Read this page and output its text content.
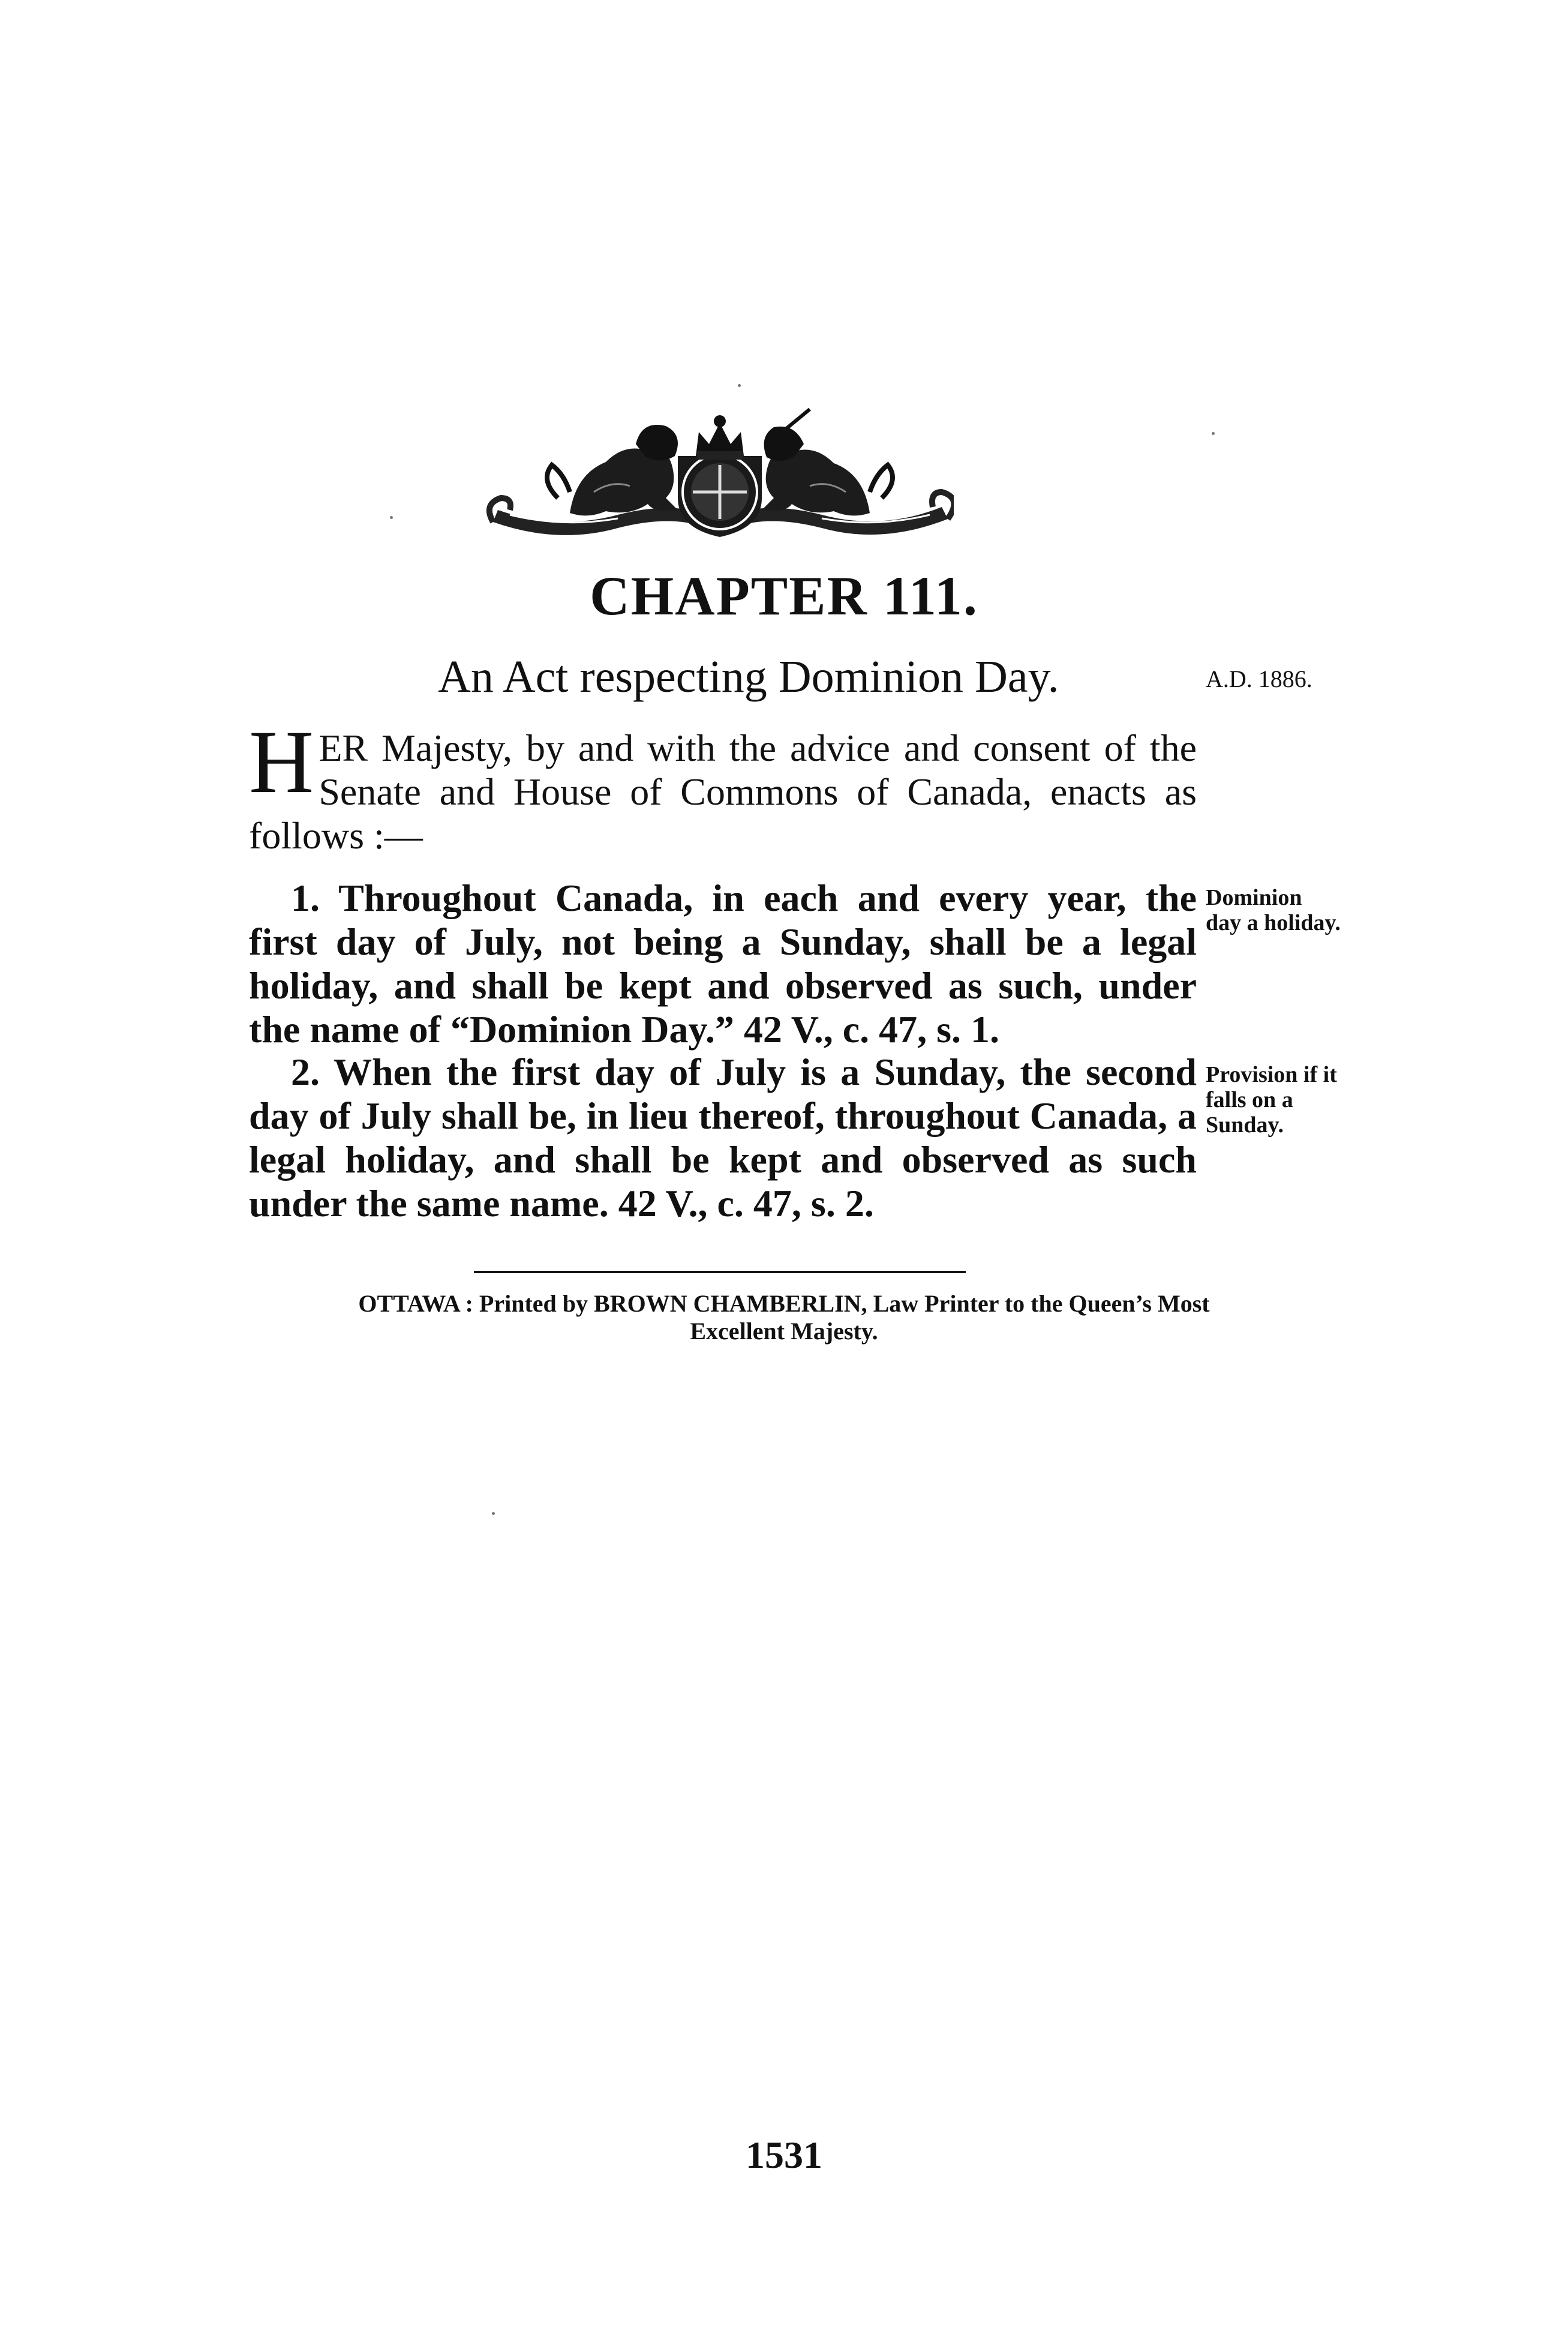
CHAPTER 111.
An Act respecting Dominion Day.	A.D. 1886.
HER Majesty, by and with the advice and consent of the Senate and House of Commons of Canada, enacts as follows :—
1. Throughout Canada, in each and every year, the first day of July, not being a Sunday, shall be a legal holiday, and shall be kept and observed as such, under the name of “Dominion Day.” 42 V., c. 47, s. 1.
Dominion
day a holiday.
2. When the first day of July is a Sunday, the second day of July shall be, in lieu thereof, throughout Canada, a legal holiday, and shall be kept and observed as such under the same name. 42 V., c. 47, s. 2.
Provision if it
falls on a
Sunday.
OTTAWA : Printed by BROWN CHAMBERLIN, Law Printer to the Queen’s Most
Excellent Majesty.
1531
